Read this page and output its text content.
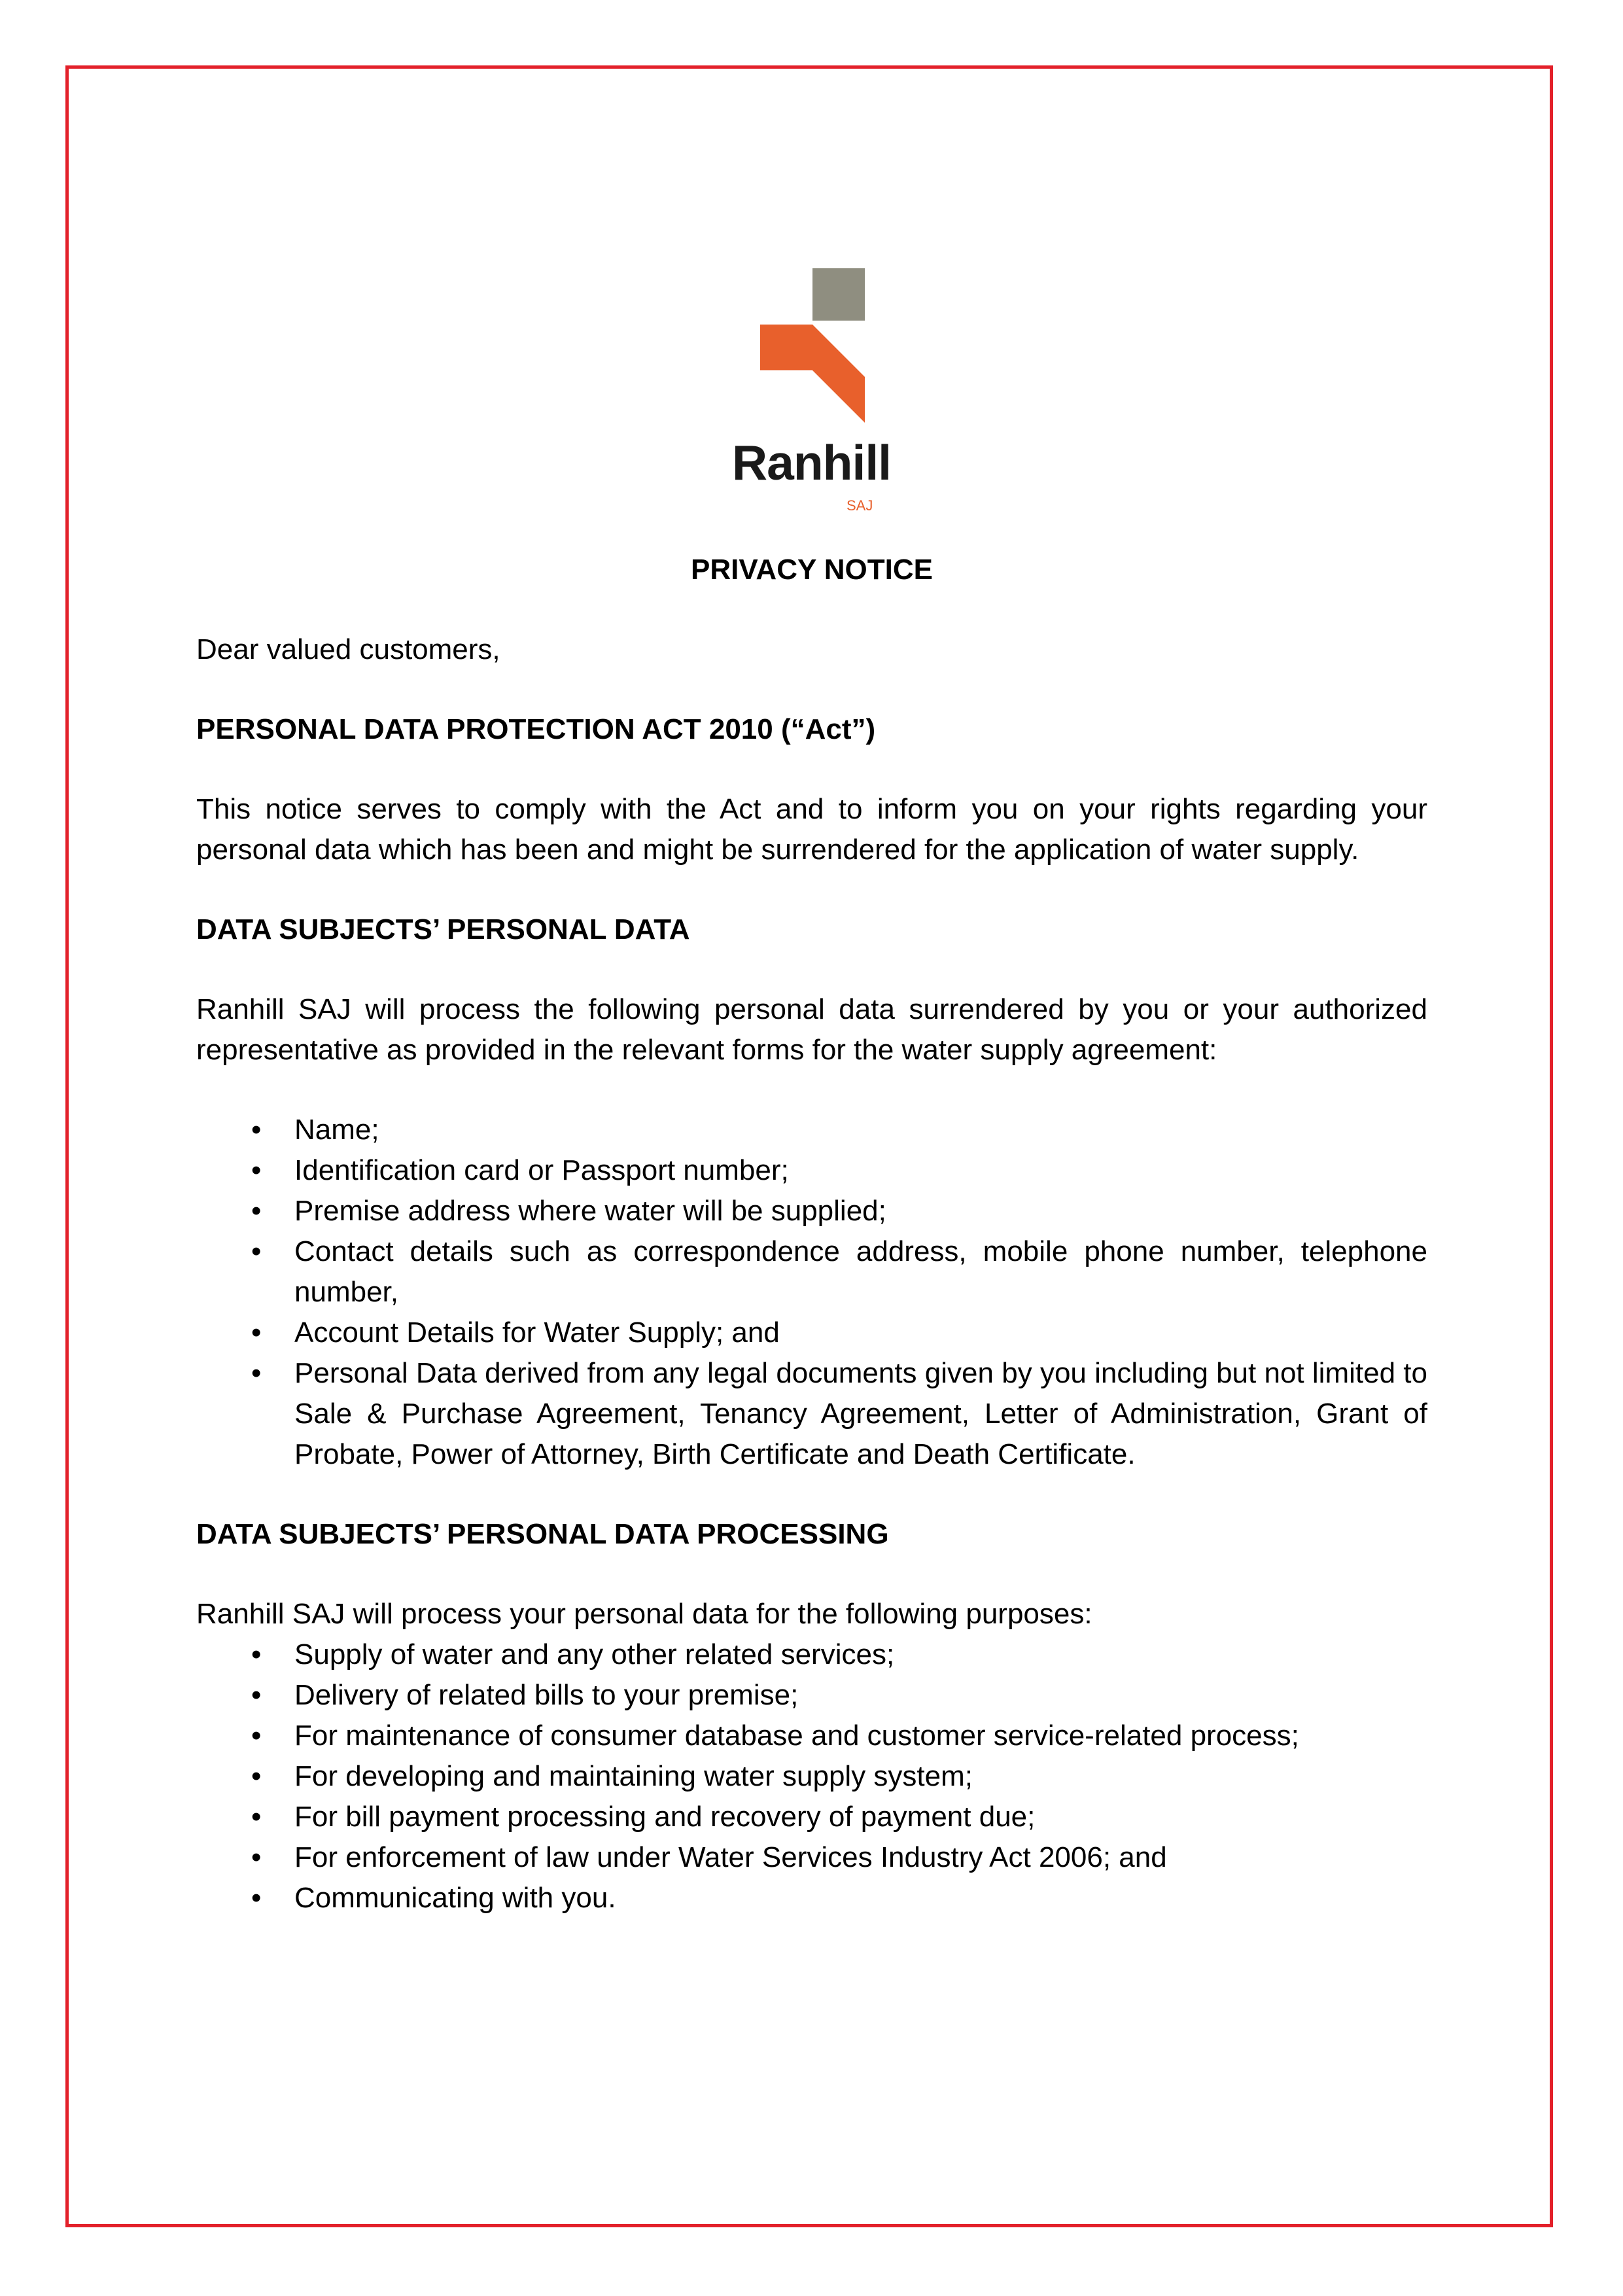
Ranhill
SAJ
PRIVACY NOTICE
Dear valued customers,
PERSONAL DATA PROTECTION ACT 2010 (“Act”)
This notice serves to comply with the Act and to inform you on your rights regarding your personal data which has been and might be surrendered for the application of water supply.
DATA SUBJECTS’ PERSONAL DATA
Ranhill SAJ will process the following personal data surrendered by you or your authorized representative as provided in the relevant forms for the water supply agreement:
• Name;
• Identification card or Passport number;
• Premise address where water will be supplied;
• Contact details such as correspondence address, mobile phone number, telephone number,
• Account Details for Water Supply; and
• Personal Data derived from any legal documents given by you including but not limited to Sale & Purchase Agreement, Tenancy Agreement, Letter of Administration, Grant of Probate, Power of Attorney, Birth Certificate and Death Certificate.
DATA SUBJECTS’ PERSONAL DATA PROCESSING
Ranhill SAJ will process your personal data for the following purposes:
• Supply of water and any other related services;
• Delivery of related bills to your premise;
• For maintenance of consumer database and customer service-related process;
• For developing and maintaining water supply system;
• For bill payment processing and recovery of payment due;
• For enforcement of law under Water Services Industry Act 2006; and
• Communicating with you.
